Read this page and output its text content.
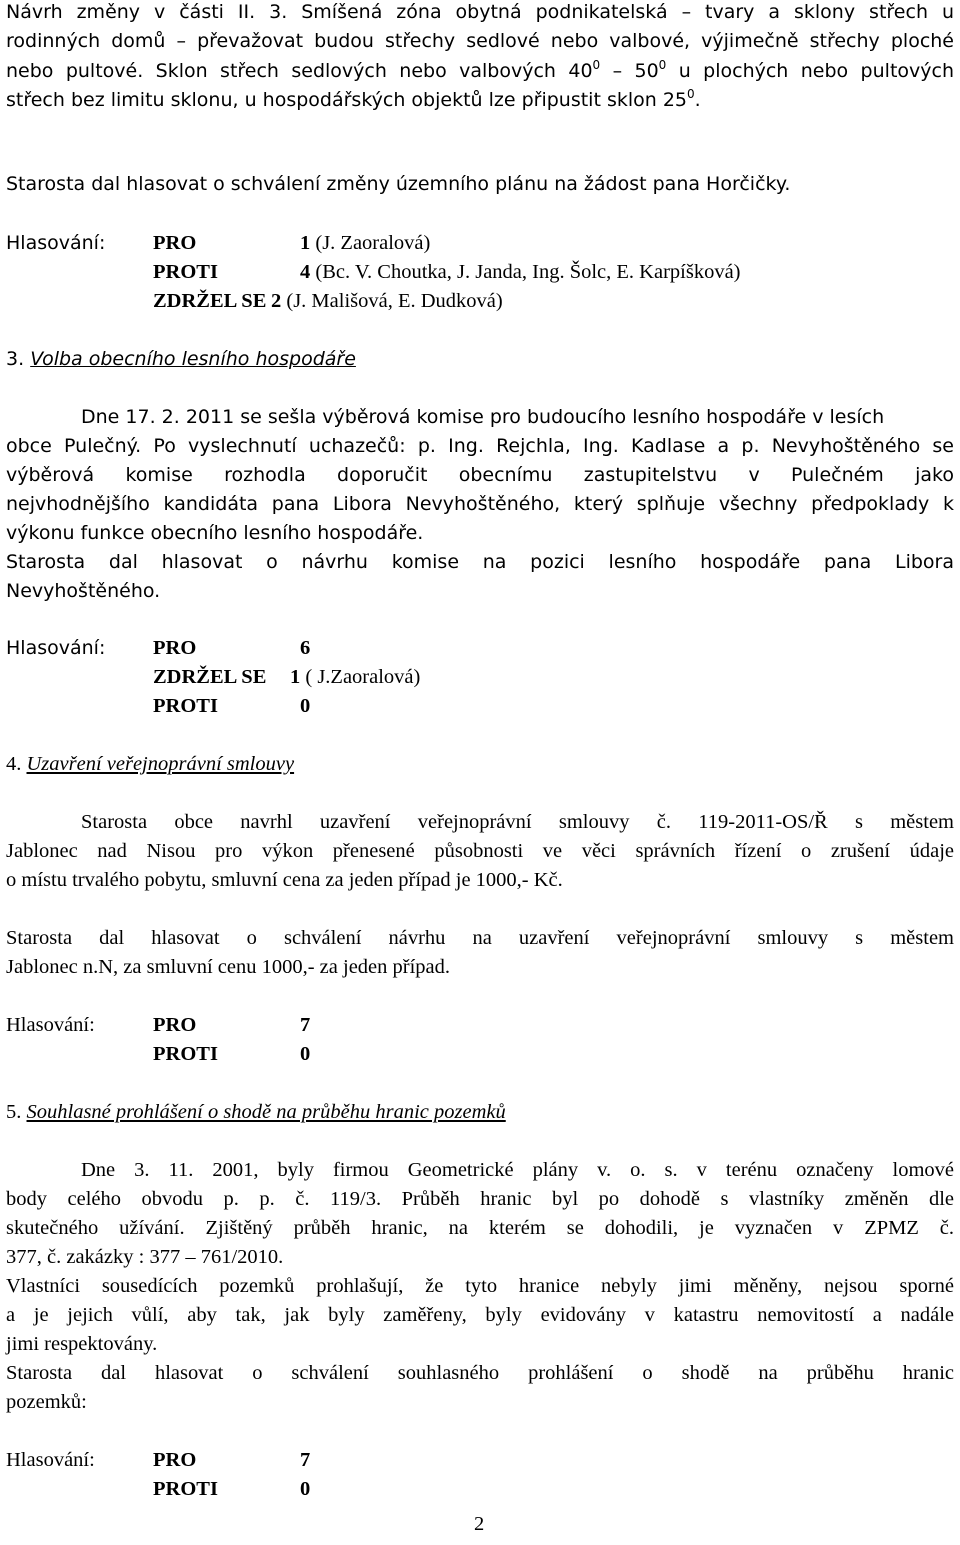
Návrh změny v části II. 3. Smíšená zóna obytná podnikatelská – tvary a sklony střech u
rodinných domů – převažovat budou střechy sedlové nebo valbové, výjimečně střechy ploché
nebo pultové. Sklon střech sedlových nebo valbových $40^0 - 50^0$ u plochých nebo pultových
střech bez limitu sklonu, u hospodářských objektů lze připustit sklon $25^0$.
Starosta dal hlasovat o schválení změny územního plánu na žádost pana Horčičky.
Hlasování: PRO	1 (J. Zaoralová)
PROTI	4 (Bc. V. Choutka, J. Janda, Ing. Šolc, E. Karpíšková)
ZDRŽEL SE 2 (J. Mališová, E. Dudková)
3. Volba obecního lesního hospodáře
Dne 17. 2. 2011 se sešla výběrová komise pro budoucího lesního hospodáře v lesích
obce Pulečný. Po vyslechnutí uchazečů: p. Ing. Rejchla, Ing. Kadlase a p. Nevyhoštěného se
výběrová komise rozhodla doporučit obecnímu zastupitelstvu v Pulečném jako
nejvhodnějšího kandidáta pana Libora Nevyhoštěného, který splňuje všechny předpoklady k
výkonu funkce obecního lesního hospodáře.
Starosta dal hlasovat o návrhu komise na pozici lesního hospodáře pana Libora
Nevyhoštěného.
Hlasování: PRO	6
ZDRŽEL SE 1 ( J.Zaoralová)
PROTI	0
4. Uzavření veřejnoprávní smlouvy
Starosta obce navrhl uzavření veřejnoprávní smlouvy č. 119-2011-OS/Ř s městem
Jablonec nad Nisou pro výkon přenesené působnosti ve věci správních řízení o zrušení údaje
o místu trvalého pobytu, smluvní cena za jeden případ je 1000,- Kč.
Starosta dal hlasovat o schválení návrhu na uzavření veřejnoprávní smlouvy s městem
Jablonec n.N, za smluvní cenu 1000,- za jeden případ.
Hlasování:	PRO	7
PROTI	0
5. Souhlasné prohlášení o shodě na průběhu hranic pozemků
Dne 3. 11. 2001, byly firmou Geometrické plány v. o. s. v terénu označeny lomové
body celého obvodu p. p. č. 119/3. Průběh hranic byl po dohodě s vlastníky změněn dle
skutečného užívání. Zjištěný průběh hranic, na kterém se dohodili, je vyznačen v ZPMZ č.
377, č. zakázky : 377 – 761/2010.
Vlastníci sousedících pozemků prohlašují, že tyto hranice nebyly jimi měněny, nejsou sporné
a je jejich vůlí, aby tak, jak byly zaměřeny, byly evidovány v katastru nemovitostí a nadále
jimi respektovány.
Starosta dal hlasovat o schválení souhlasného prohlášení o shodě na průběhu hranic
pozemků:
Hlasování:	PRO	7
PROTI	0
2
